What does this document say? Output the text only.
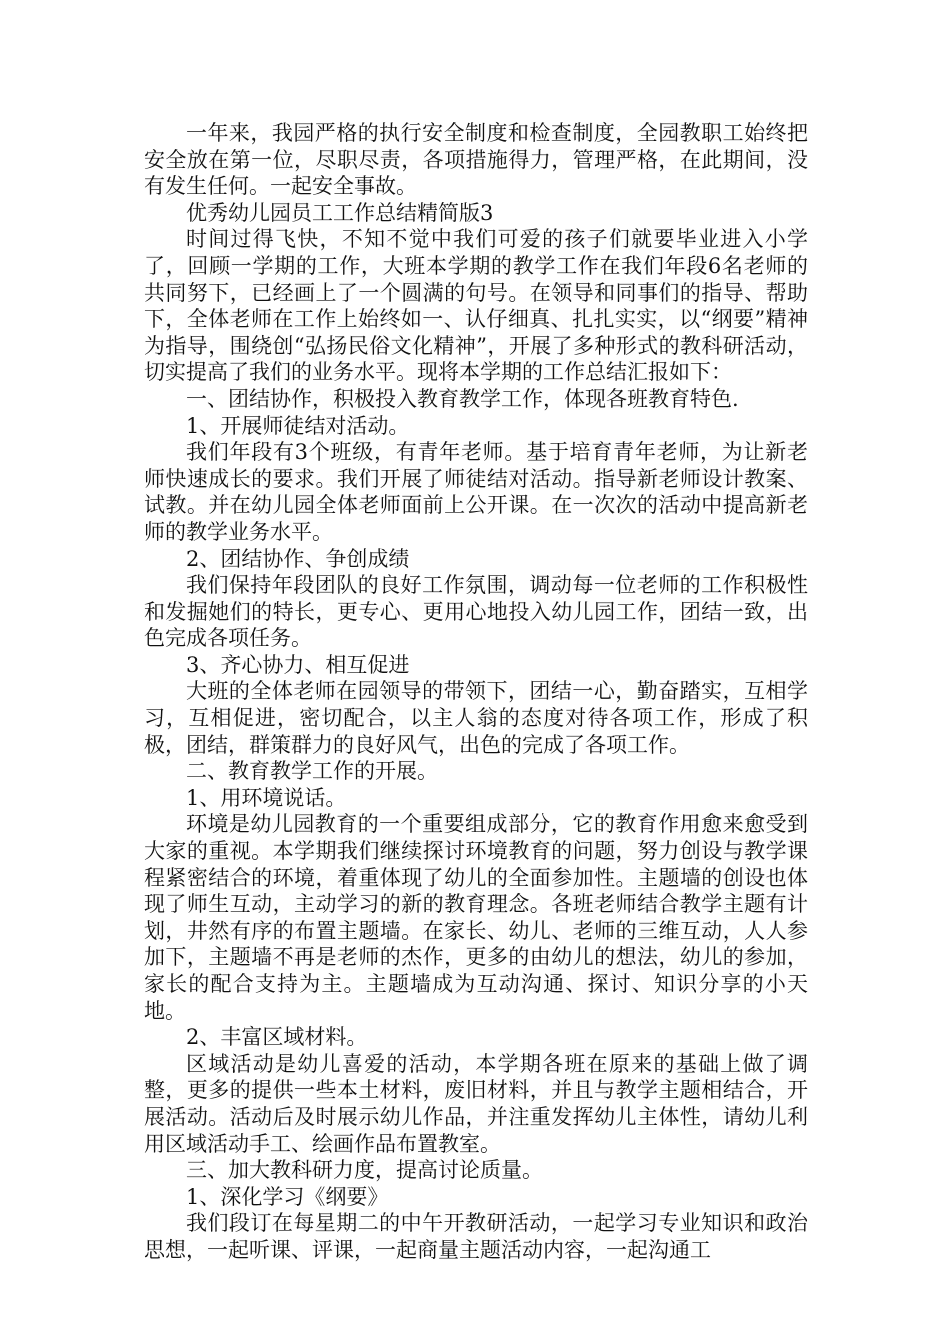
一年来，我园严格的执行安全制度和检查制度，全园教职工始终把安全放在第一位，尽职尽责，各项措施得力，管理严格，在此期间，没有发生任何。一起安全事故。

优秀幼儿园员工工作总结精简版3

时间过得飞快，不知不觉中我们可爱的孩子们就要毕业进入小学了，回顾一学期的工作，大班本学期的教学工作在我们年段6名老师的共同努下，已经画上了一个圆满的句号。在领导和同事们的指导、帮助下，全体老师在工作上始终如一、认仔细真、扎扎实实，以“纲要”精神为指导，围绕创“弘扬民俗文化精神”，开展了多种形式的教科研活动，切实提高了我们的业务水平。现将本学期的工作总结汇报如下：

一、团结协作，积极投入教育教学工作，体现各班教育特色.

1、开展师徒结对活动。

我们年段有3个班级，有青年老师。基于培育青年老师，为让新老师快速成长的要求。我们开展了师徒结对活动。指导新老师设计教案、试教。并在幼儿园全体老师面前上公开课。在一次次的活动中提高新老师的教学业务水平。

2、团结协作、争创成绩

我们保持年段团队的良好工作氛围，调动每一位老师的工作积极性和发掘她们的特长，更专心、更用心地投入幼儿园工作，团结一致，出色完成各项任务。

3、齐心协力、相互促进

大班的全体老师在园领导的带领下，团结一心，勤奋踏实，互相学习，互相促进，密切配合，以主人翁的态度对待各项工作，形成了积极，团结，群策群力的良好风气，出色的完成了各项工作。

二、教育教学工作的开展。

1、用环境说话。

环境是幼儿园教育的一个重要组成部分，它的教育作用愈来愈受到大家的重视。本学期我们继续探讨环境教育的问题，努力创设与教学课程紧密结合的环境，着重体现了幼儿的全面参加性。主题墙的创设也体现了师生互动，主动学习的新的教育理念。各班老师结合教学主题有计划，井然有序的布置主题墙。在家长、幼儿、老师的三维互动，人人参加下，主题墙不再是老师的杰作，更多的由幼儿的想法，幼儿的参加，家长的配合支持为主。主题墙成为互动沟通、探讨、知识分享的小天地。

2、丰富区域材料。

区域活动是幼儿喜爱的活动，本学期各班在原来的基础上做了调整，更多的提供一些本土材料，废旧材料，并且与教学主题相结合，开展活动。活动后及时展示幼儿作品，并注重发挥幼儿主体性，请幼儿利用区域活动手工、绘画作品布置教室。

三、加大教科研力度，提高讨论质量。

1、深化学习《纲要》

我们段订在每星期二的中午开教研活动，一起学习专业知识和政治思想，一起听课、评课，一起商量主题活动内容，一起沟通工
